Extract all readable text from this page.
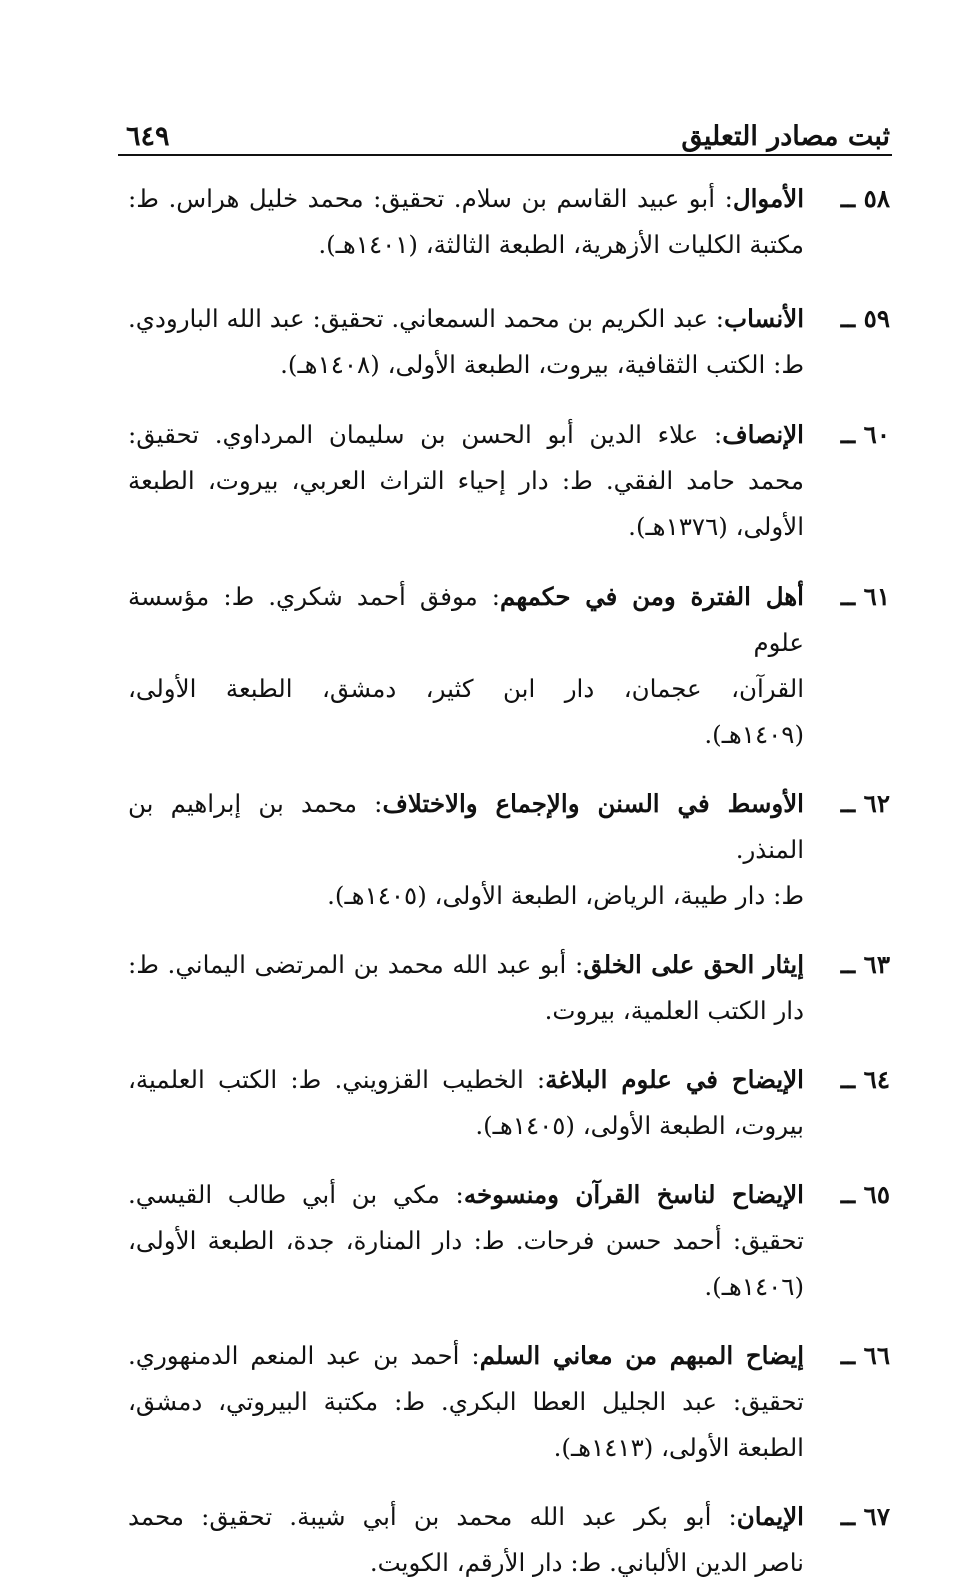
ثبت مصادر التعليق
٦٤٩
٥٨ ــ
الأموال: أبو عبيد القاسم بن سلام. تحقيق: محمد خليل هراس. ط:
مكتبة الكليات الأزهرية، الطبعة الثالثة، (١٤٠١هـ).
٥٩ ــ
الأنساب: عبد الكريم بن محمد السمعاني. تحقيق: عبد الله البارودي.
ط: الكتب الثقافية، بيروت، الطبعة الأولى، (١٤٠٨هـ).
٦٠ ــ
الإنصاف: علاء الدين أبو الحسن بن سليمان المرداوي. تحقيق:
محمد حامد الفقي. ط: دار إحياء التراث العربي، بيروت، الطبعة
الأولى، (١٣٧٦هـ).
٦١ ــ
أهل الفترة ومن في حكمهم: موفق أحمد شكري. ط: مؤسسة علوم
القرآن، عجمان، دار ابن كثير، دمشق، الطبعة الأولى،
(١٤٠٩هـ).
٦٢ ــ
الأوسط في السنن والإجماع والاختلاف: محمد بن إبراهيم بن المنذر.
ط: دار طيبة، الرياض، الطبعة الأولى، (١٤٠٥هـ).
٦٣ ــ
إيثار الحق على الخلق: أبو عبد الله محمد بن المرتضى اليماني. ط:
دار الكتب العلمية، بيروت.
٦٤ ــ
الإيضاح في علوم البلاغة: الخطيب القزويني. ط: الكتب العلمية،
بيروت، الطبعة الأولى، (١٤٠٥هـ).
٦٥ ــ
الإيضاح لناسخ القرآن ومنسوخه: مكي بن أبي طالب القيسي.
تحقيق: أحمد حسن فرحات. ط: دار المنارة، جدة، الطبعة الأولى،
(١٤٠٦هـ).
٦٦ ــ
إيضاح المبهم من معاني السلم: أحمد بن عبد المنعم الدمنهوري.
تحقيق: عبد الجليل العطا البكري. ط: مكتبة البيروتي، دمشق،
الطبعة الأولى، (١٤١٣هـ).
٦٧ ــ
الإيمان: أبو بكر عبد الله محمد بن أبي شيبة. تحقيق: محمد
ناصر الدين الألباني. ط: دار الأرقم، الكويت.
